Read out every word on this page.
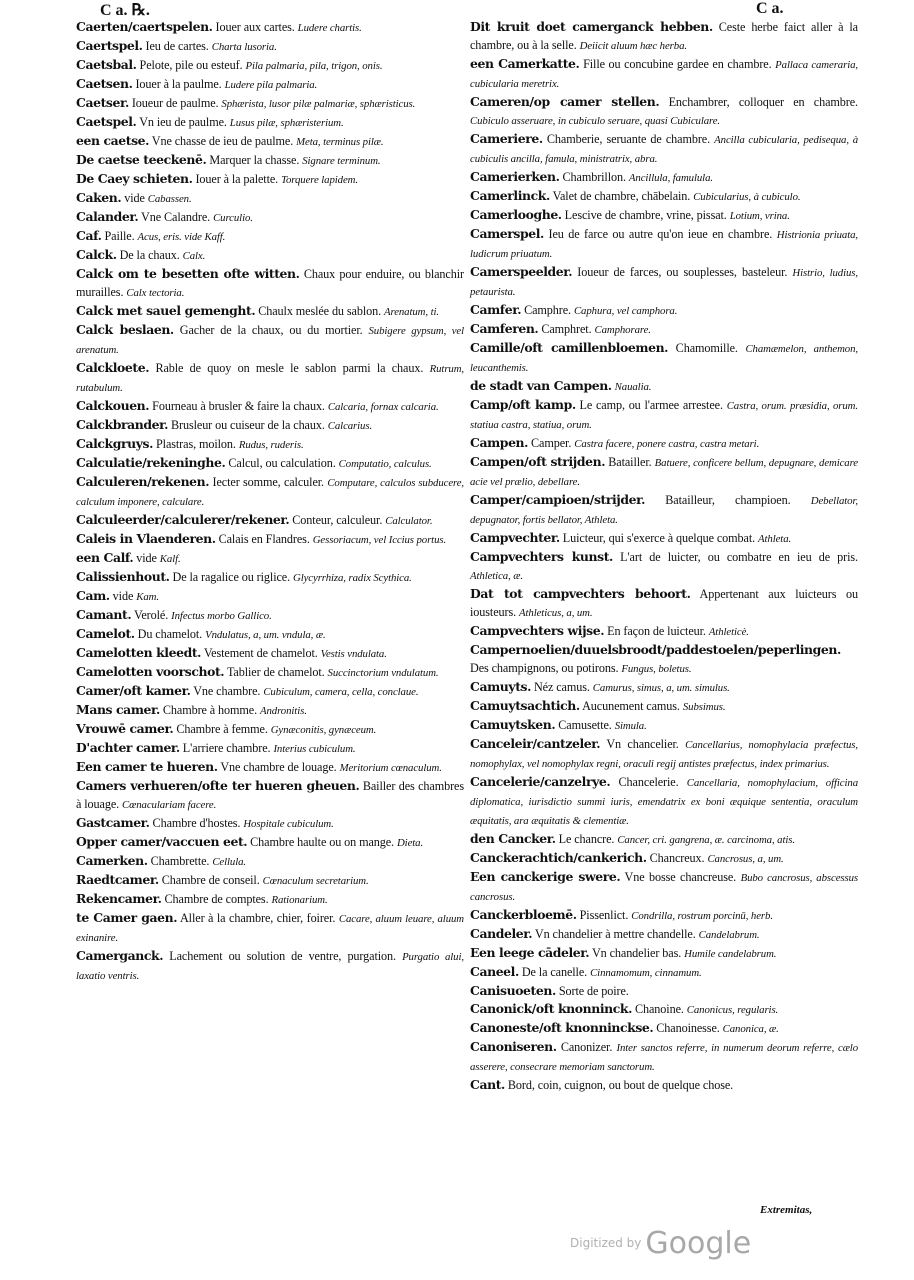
C a. ℞.	C a.

Caerten/caertspelen. Iouer aux cartes. Ludere chartis.

Caertspel. Ieu de cartes. Charta lusoria.

Caetsbal. Pelote, pile ou esteuf. Pila palmaria, pila, trigon, onis.

Caetsen. Iouer à la paulme. Ludere pila palmaria.

Caetser. Ioueur de paulme. Sphærista, lusor pilæ palmariæ, sphæristicus.

Caetspel. Vn ieu de paulme. Lusus pilæ, sphæristerium.

een caetse. Vne chasse de ieu de paulme. Meta, terminus pilæ.

De caetse teeckenē. Marquer la chasse. Signare terminum.

De Caey schieten. Iouer à la palette. Torquere lapidem.

Caken. vide Cabassen.

Calander. Vne Calandre. Curculio.

Caf. Paille. Acus, eris. vide Kaff.

Calck. De la chaux. Calx.

Calck om te besetten ofte witten. Chaux pour enduire, ou blanchir murailles. Calx tectoria.

Calck met sauel gemenght. Chaulx meslée du sablon. Arenatum, ti.

Calck beslaen. Gacher de la chaux, ou du mortier. Subigere gypsum, vel arenatum.

Calckloete. Rable de quoy on mesle le sablon parmi la chaux. Rutrum, rutabulum.

Calckouen. Fourneau à brusler & faire la chaux. Calcaria, fornax calcaria.

Calckbrander. Brusleur ou cuiseur de la chaux. Calcarius.

Calckgruys. Plastras, moilon. Rudus, ruderis.

Calculatie/rekeninghe. Calcul, ou calculation. Computatio, calculus.

Calculeren/rekenen. Iecter somme, calculer. Computare, calculos subducere, calculum imponere, calculare.

Calculeerder/calculerer/rekener. Conteur, calculeur. Calculator.

Caleis in Vlaenderen. Calais en Flandres. Gessoriacum, vel Iccius portus.

een Calf. vide Kalf.

Calissienhout. De la ragalice ou riglice. Glycyrrhiza, radix Scythica.

Cam. vide Kam.

Camant. Verolé. Infectus morbo Gallico.

Camelot. Du chamelot. Vndulatus, a, um. vndula, æ.

Camelotten kleedt. Vestement de chamelot. Vestis vndulata.

Camelotten voorschot. Tablier de chamelot. Succinctorium vndulatum.

Camer/oft kamer. Vne chambre. Cubiculum, camera, cella, conclaue.

Mans camer. Chambre à homme. Andronitis.

Vrouwē camer. Chambre à femme. Gynæconitis, gynæceum.

D'achter camer. L'arriere chambre. Interius cubiculum.

Een camer te hueren. Vne chambre de louage. Meritorium cœnaculum.

Camers verhueren/ofte ter hueren gheuen. Bailler des chambres à louage. Cœnaculariam facere.

Gastcamer. Chambre d'hostes. Hospitale cubiculum.

Opper camer/vaccuen eet. Chambre haulte ou on mange. Dieta.

Camerken. Chambrette. Cellula.

Raedtcamer. Chambre de conseil. Cœnaculum secretarium.

Rekencamer. Chambre de comptes. Rationarium.

te Camer gaen. Aller à la chambre, chier, foirer. Cacare, aluum leuare, aluum exinanire.

Camerganck. Lachement ou solution de ventre, purgation. Purgatio alui, laxatio ventris.

Dit kruit doet camerganck hebben. Ceste herbe faict aller à la chambre, ou à la selle. Deiicit aluum hæc herba.

een Camerkatte. Fille ou concubine gardee en chambre. Pallaca cameraria, cubicularia meretrix.

Cameren/op camer stellen. Enchambrer, colloquer en chambre. Cubiculo asseruare, in cubiculo seruare, quasi Cubiculare.

Cameriere. Chamberie, seruante de chambre. Ancilla cubicularia, pedisequa, à cubiculis ancilla, famula, ministratrix, abra.

Camerierken. Chambrillon. Ancillula, famulula.

Camerlinck. Valet de chambre, chābelain. Cubicularius, à cubiculo.

Camerlooghe. Lescive de chambre, vrine, pissat. Lotium, vrina.

Camerspel. Ieu de farce ou autre qu'on ieue en chambre. Histrionia priuata, ludicrum priuatum.

Camerspeelder. Ioueur de farces, ou souplesses, basteleur. Histrio, ludius, petaurista.

Camfer. Camphre. Caphura, vel camphora.

Camferen. Camphret. Camphorare.

Camille/oft camillenbloemen. Chamomille. Chamæmelon, anthemon, leucanthemis.

de stadt van Campen. Naualia.

Camp/oft kamp. Le camp, ou l'armee arrestee. Castra, orum. præsidia, orum. statiua castra, statiua, orum.

Campen. Camper. Castra facere, ponere castra, castra metari.

Campen/oft strijden. Batailler. Batuere, conficere bellum, depugnare, demicare acie vel prælio, debellare.

Camper/campioen/strijder. Batailleur, champioen. Debellator, depugnator, fortis bellator, Athleta.

Campvechter. Luicteur, qui s'exerce à quelque combat. Athleta.

Campvechters kunst. L'art de luicter, ou combatre en ieu de pris. Athletica, æ.

Dat tot campvechters behoort. Appertenant aux luicteurs ou iousteurs. Athleticus, a, um.

Campvechters wijse. En façon de luicteur. Athleticè.

Campernoelien/duuelsbroodt/paddestoelen/peperlingen. Des champignons, ou potirons. Fungus, boletus.

Camuyts. Néz camus. Camurus, simus, a, um. simulus.

Camuytsachtich. Aucunement camus. Subsimus.

Camuytsken. Camusette. Simula.

Canceleir/cantzeler. Vn chancelier. Cancellarius, nomophylacia præfectus, nomophylax, vel nomophylax regni, oraculi regij antistes præfectus, index primarius.

Cancelerie/canzelrye. Chancelerie. Cancellaria, nomophylacium, officina diplomatica, iurisdictio summi iuris, emendatrix ex boni æquique sententia, oraculum æquitatis, ara æquitatis & clementiæ.

den Cancker. Le chancre. Cancer, cri. gangrena, æ. carcinoma, atis.

Canckerachtich/cankerich. Chancreux. Cancrosus, a, um.

Een canckerige swere. Vne bosse chancreuse. Bubo cancrosus, abscessus cancrosus.

Canckerbloemē. Pissenlict. Condrilla, rostrum porcinū, herb.

Candeler. Vn chandelier à mettre chandelle. Candelabrum.

Een leege cādeler. Vn chandelier bas. Humile candelabrum.

Caneel. De la canelle. Cinnamomum, cinnamum.

Canisuoeten. Sorte de poire.

Canonick/oft knonninck. Chanoine. Canonicus, regularis.

Canoneste/oft knonninckse. Chanoinesse. Canonica, æ.

Canoniseren. Canonizer. Inter sanctos referre, in numerum deorum referre, cælo asserere, consecrare memoriam sanctorum.

Cant. Bord, coin, cuignon, ou bout de quelque chose.

Extremitas,
$^{Digitized by}$ Google
